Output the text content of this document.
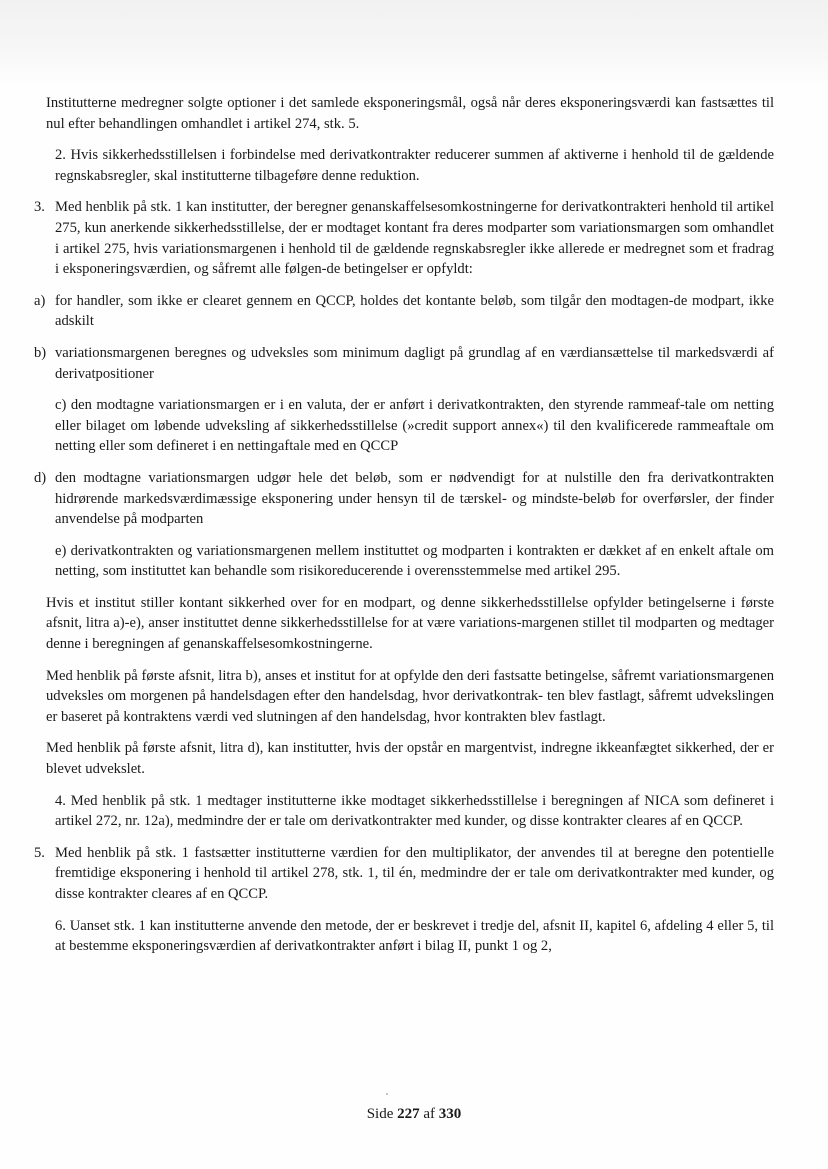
Institutterne medregner solgte optioner i det samlede eksponeringsmål, også når deres eksponeringsværdi kan fastsættes til nul efter behandlingen omhandlet i artikel 274, stk. 5.

2. Hvis sikkerhedsstillelsen i forbindelse med derivatkontrakter reducerer summen af aktiverne i henhold til de gældende regnskabsregler, skal institutterne tilbageføre denne reduktion.

3. Med henblik på stk. 1 kan institutter, der beregner genanskaffelsesomkostningerne for derivatkontrakteri henhold til artikel 275, kun anerkende sikkerhedsstillelse, der er modtaget kontant fra deres modparter som variationsmargen som omhandlet i artikel 275, hvis variationsmargenen i henhold til de gældende regnskabsregler ikke allerede er medregnet som et fradrag i eksponeringsværdien, og såfremt alle følgen-de betingelser er opfyldt:

a) for handler, som ikke er clearet gennem en QCCP, holdes det kontante beløb, som tilgår den modtagen-de modpart, ikke adskilt

b) variationsmargenen beregnes og udveksles som minimum dagligt på grundlag af en værdiansættelse til markedsværdi af derivatpositioner

c) den modtagne variationsmargen er i en valuta, der er anført i derivatkontrakten, den styrende rammeaf-tale om netting eller bilaget om løbende udveksling af sikkerhedsstillelse (»credit support annex«) til den kvalificerede rammeaftale om netting eller som defineret i en nettingaftale med en QCCP

d) den modtagne variationsmargen udgør hele det beløb, som er nødvendigt for at nulstille den fra derivatkontrakten hidrørende markedsværdimæssige eksponering under hensyn til de tærskel- og mindste-beløb for overførsler, der finder anvendelse på modparten

e) derivatkontrakten og variationsmargenen mellem instituttet og modparten i kontrakten er dækket af en enkelt aftale om netting, som instituttet kan behandle som risikoreducerende i overensstemmelse med artikel 295.

Hvis et institut stiller kontant sikkerhed over for en modpart, og denne sikkerhedsstillelse opfylder betingelserne i første afsnit, litra a)-e), anser instituttet denne sikkerhedsstillelse for at være variations-margenen stillet til modparten og medtager denne i beregningen af genanskaffelsesomkostningerne.

Med henblik på første afsnit, litra b), anses et institut for at opfylde den deri fastsatte betingelse, såfremt variationsmargenen udveksles om morgenen på handelsdagen efter den handelsdag, hvor derivatkontrak- ten blev fastlagt, såfremt udvekslingen er baseret på kontraktens værdi ved slutningen af den handelsdag, hvor kontrakten blev fastlagt.

Med henblik på første afsnit, litra d), kan institutter, hvis der opstår en margentvist, indregne ikkeanfægtet sikkerhed, der er blevet udvekslet.

4. Med henblik på stk. 1 medtager institutterne ikke modtaget sikkerhedsstillelse i beregningen af NICA som defineret i artikel 272, nr. 12a), medmindre der er tale om derivatkontrakter med kunder, og disse kontrakter cleares af en QCCP.

5. Med henblik på stk. 1 fastsætter institutterne værdien for den multiplikator, der anvendes til at beregne den potentielle fremtidige eksponering i henhold til artikel 278, stk. 1, til én, medmindre der er tale om derivatkontrakter med kunder, og disse kontrakter cleares af en QCCP.

6. Uanset stk. 1 kan institutterne anvende den metode, der er beskrevet i tredje del, afsnit II, kapitel 6, afdeling 4 eller 5, til at bestemme eksponeringsværdien af derivatkontrakter anført i bilag II, punkt 1 og 2,

Side 227 af 330
